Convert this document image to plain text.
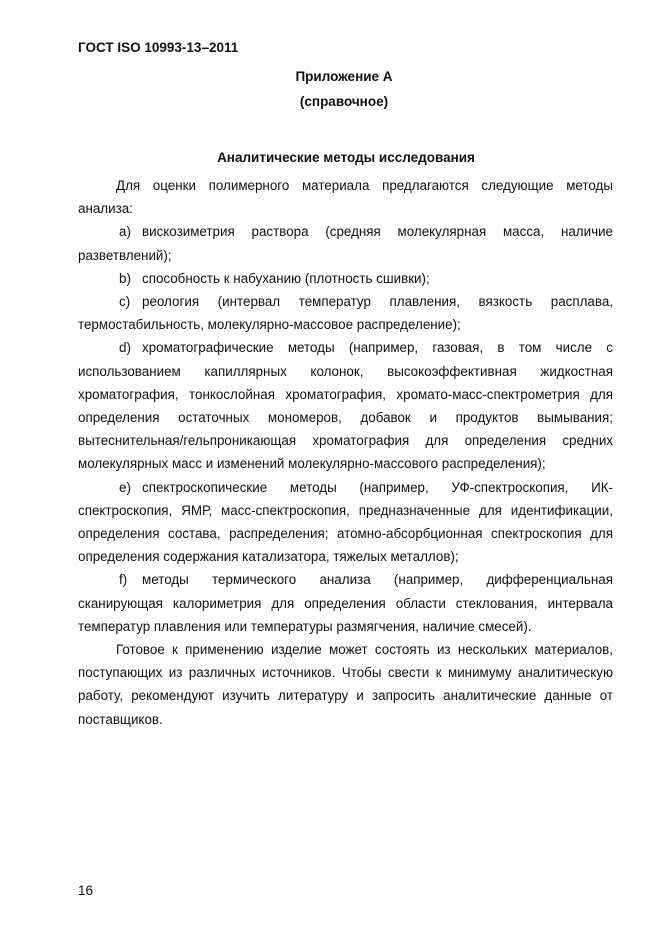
ГОСТ ISO 10993-13–2011
Приложение А
(справочное)
Аналитические методы исследования

Для оценки полимерного материала предлагаются следующие методы анализа:

a) вискозиметрия раствора (средняя молекулярная масса, наличие разветвлений);

b) способность к набуханию (плотность сшивки);

c) реология (интервал температур плавления, вязкость расплава, термостабильность, молекулярно-массовое распределение);

d) хроматографические методы (например, газовая, в том числе с использованием капиллярных колонок, высокоэффективная жидкостная хроматография, тонкослойная хроматография, хромато-масс-спектрометрия для определения остаточных мономеров, добавок и продуктов вымывания; вытеснительная/гельпроникающая хроматография для определения средних молекулярных масс и изменений молекулярно-массового распределения);

e) спектроскопические методы (например, УФ-спектроскопия, ИК-спектроскопия, ЯМР, масс-спектроскопия, предназначенные для идентификации, определения состава, распределения; атомно-абсорбционная спектроскопия для определения содержания катализатора, тяжелых металлов);

f) методы термического анализа (например, дифференциальная сканирующая калориметрия для определения области стеклования, интервала температур плавления или температуры размягчения, наличие смесей).

Готовое к применению изделие может состоять из нескольких материалов, поступающих из различных источников. Чтобы свести к минимуму аналитическую работу, рекомендуют изучить литературу и запросить аналитические данные от поставщиков.

16
